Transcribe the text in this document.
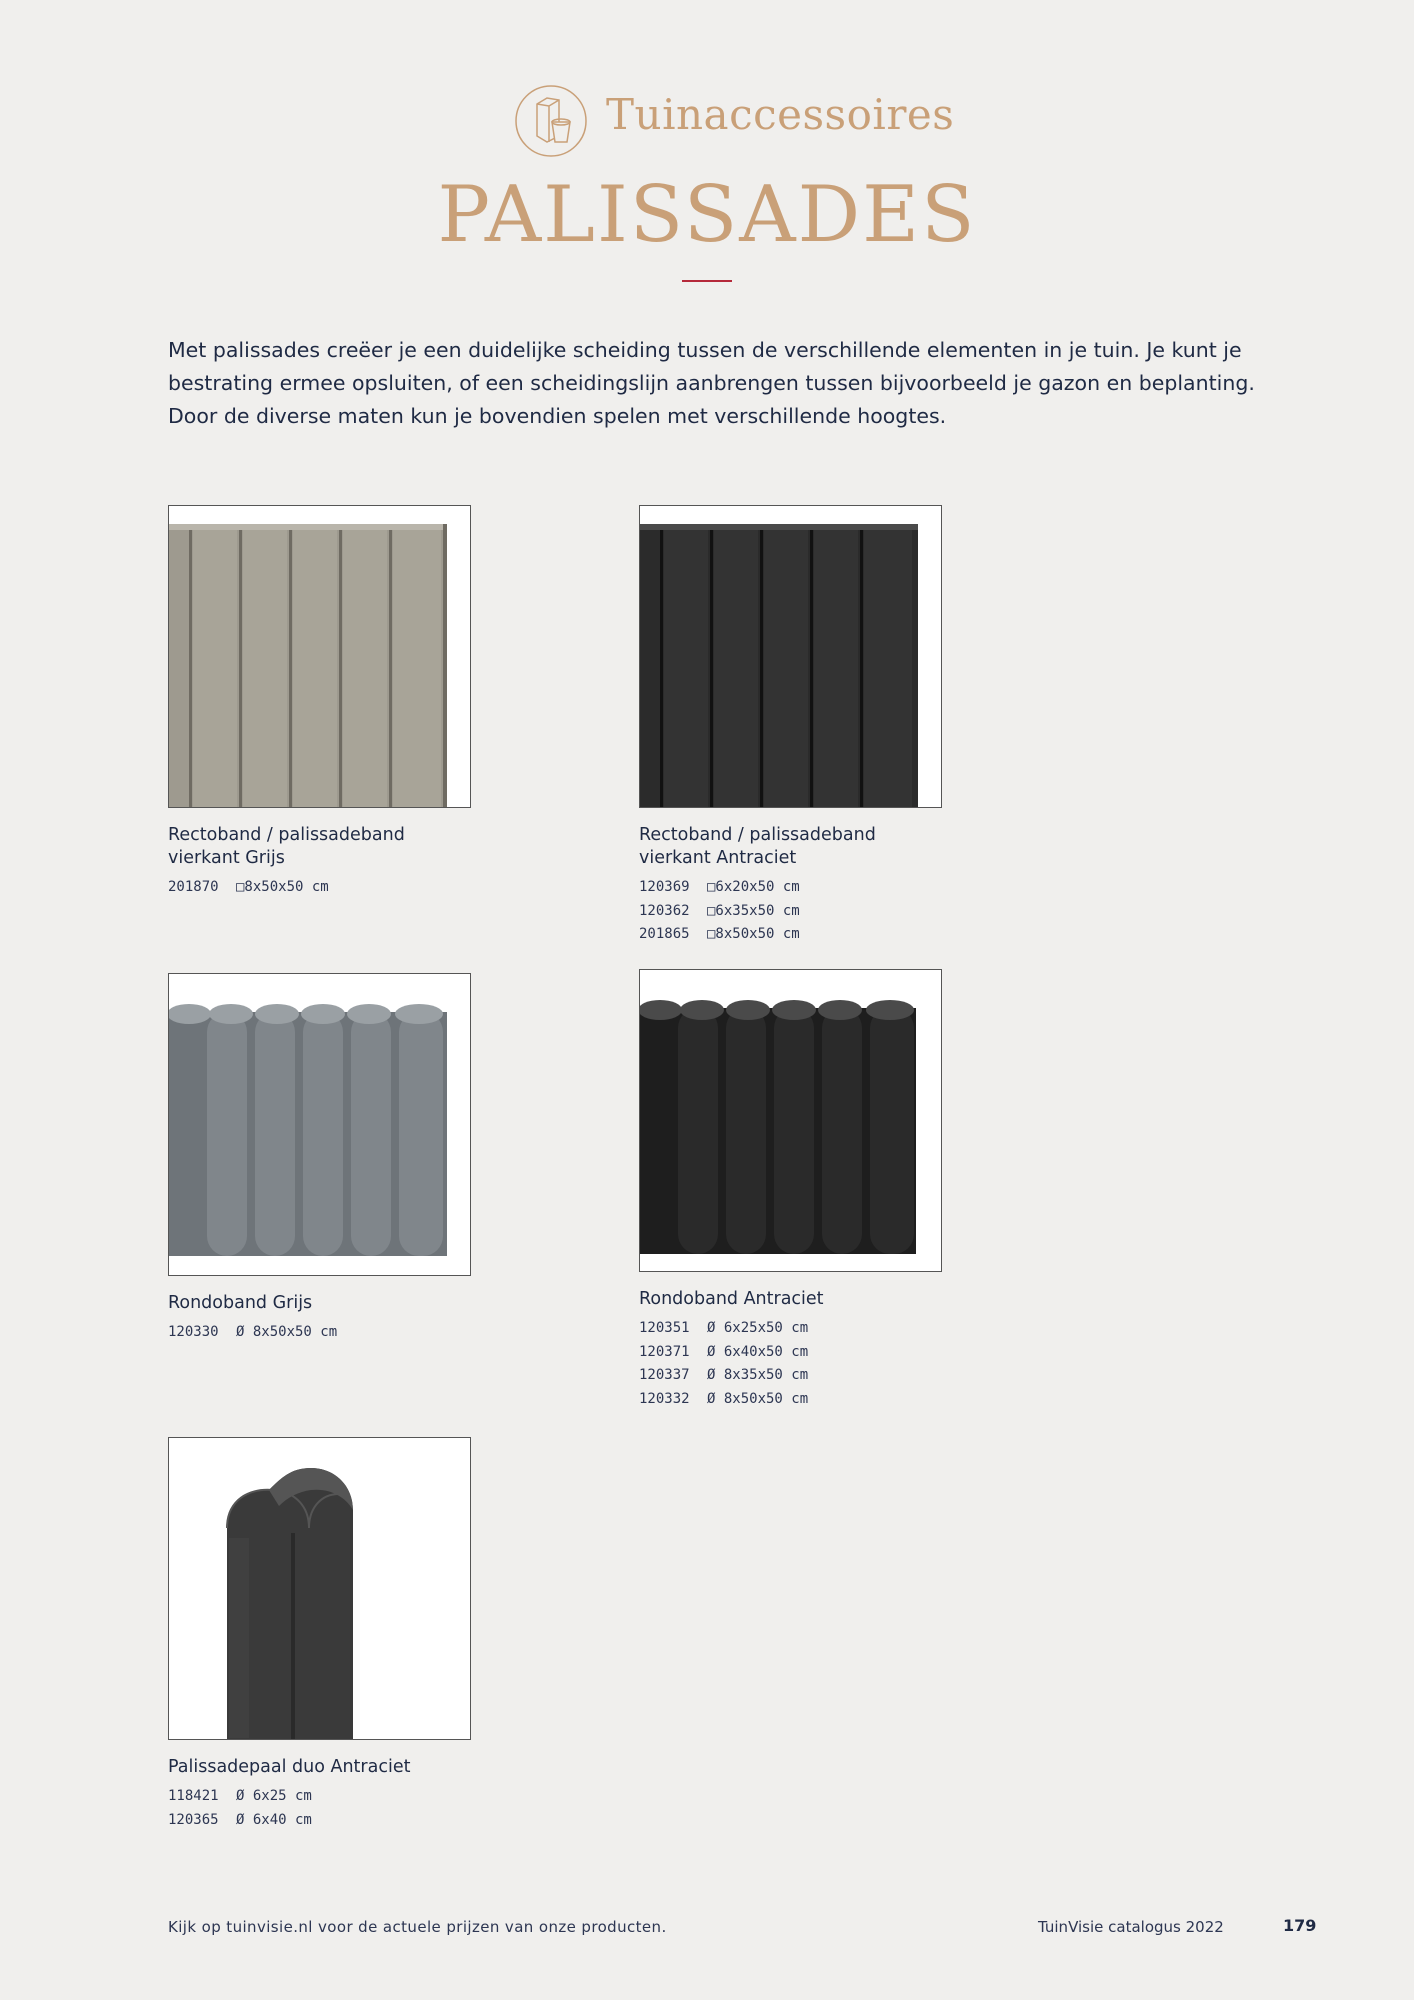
Tuinaccessoires
PALISSADES

Met palissades creëer je een duidelijke scheiding tussen de verschillende elementen in je tuin. Je kunt je

bestrating ermee opsluiten, of een scheidingslijn aanbrengen tussen bijvoorbeeld je gazon en beplanting.

Door de diverse maten kun je bovendien spelen met verschillende hoogtes.

Rectoband / palissadeband
vierkant Grijs
201870 □8x50x50 cm
Rectoband / palissadeband
vierkant Antraciet
120369 □6x20x50 cm
120362 □6x35x50 cm
201865 □8x50x50 cm
Rondoband Grijs
120330 Ø 8x50x50 cm
Rondoband Antraciet
120351 Ø 6x25x50 cm
120371 Ø 6x40x50 cm
120337 Ø 8x35x50 cm
120332 Ø 8x50x50 cm
Palissadepaal duo Antraciet
118421 Ø 6x25 cm
120365 Ø 6x40 cm
Kijk op tuinvisie.nl voor de actuele prijzen van onze producten.	TuinVisie catalogus 2022	179
